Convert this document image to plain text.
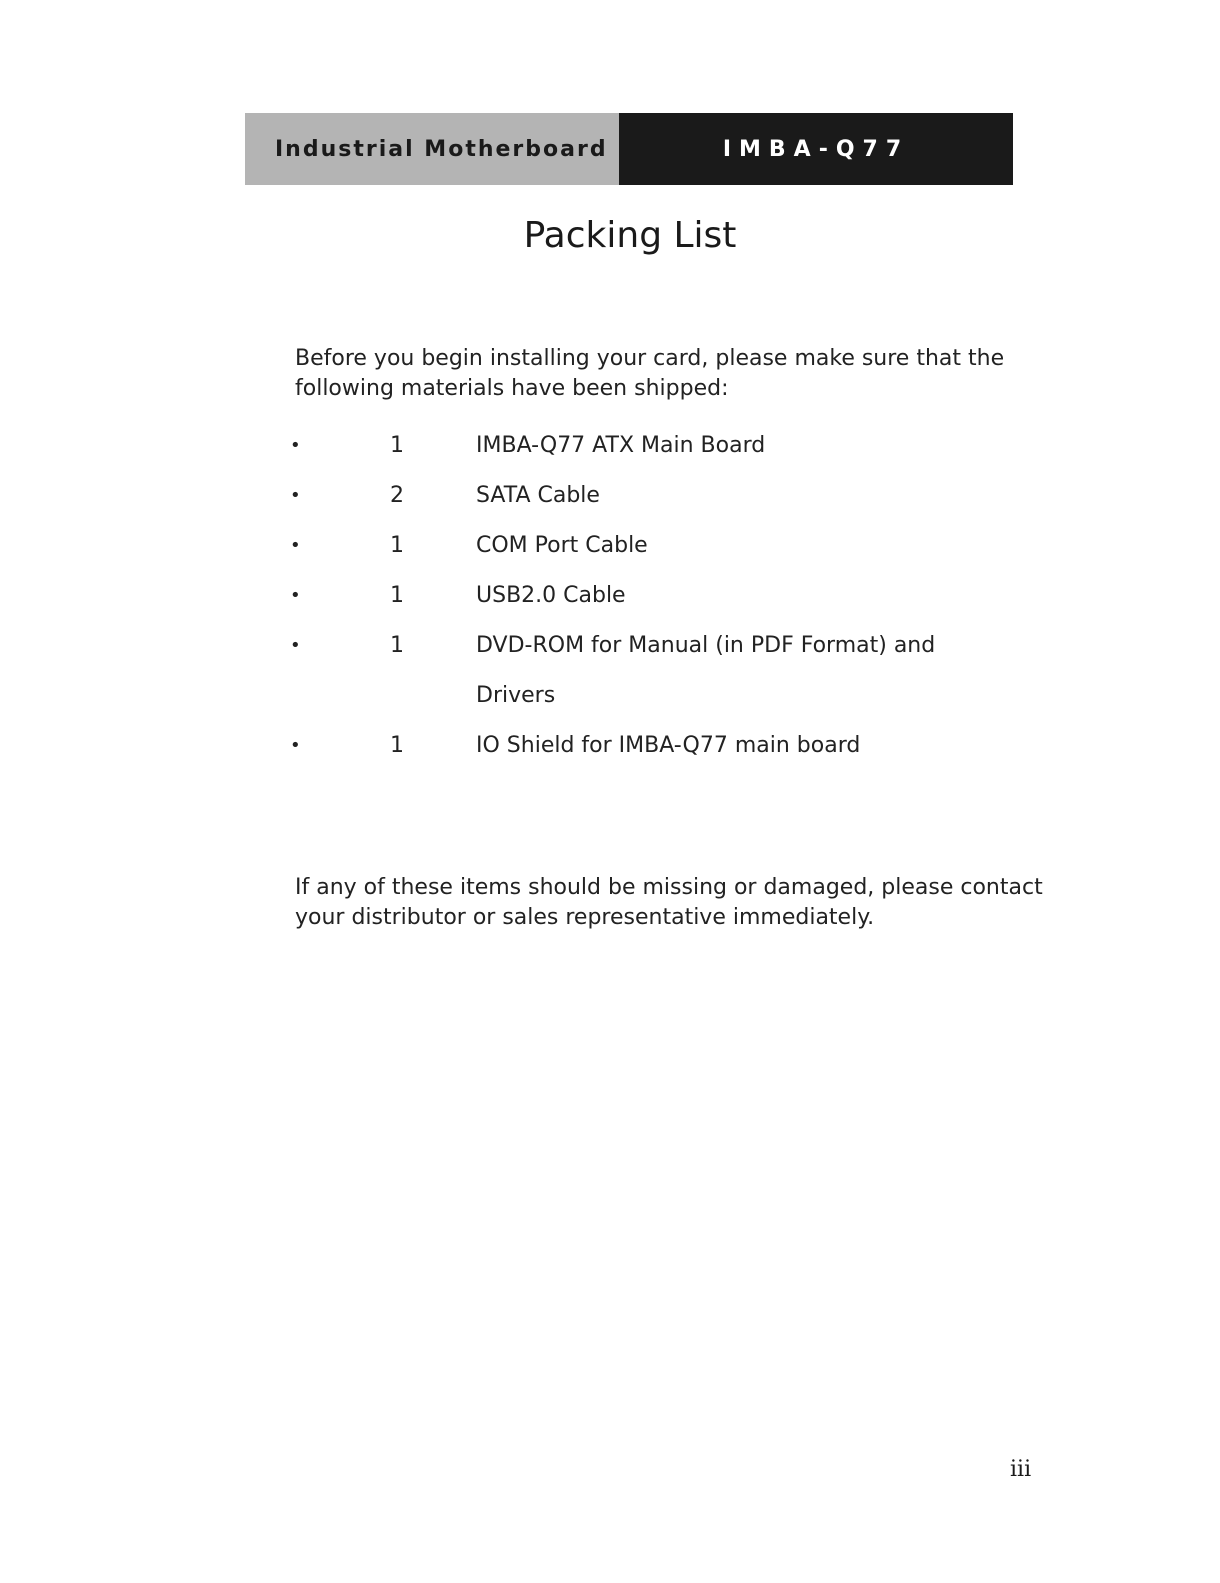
Industrial Motherboard	IMBA-Q77
Packing List
Before you begin installing your card, please make sure that the following materials have been shipped:
•	1	IMBA-Q77 ATX Main Board
•	2	SATA Cable
•	1	COM Port Cable
•	1	USB2.0 Cable
•	1	DVD-ROM for Manual (in PDF Format) and
Drivers
•	1	IO Shield for IMBA-Q77 main board
If any of these items should be missing or damaged, please contact your distributor or sales representative immediately.
iii
